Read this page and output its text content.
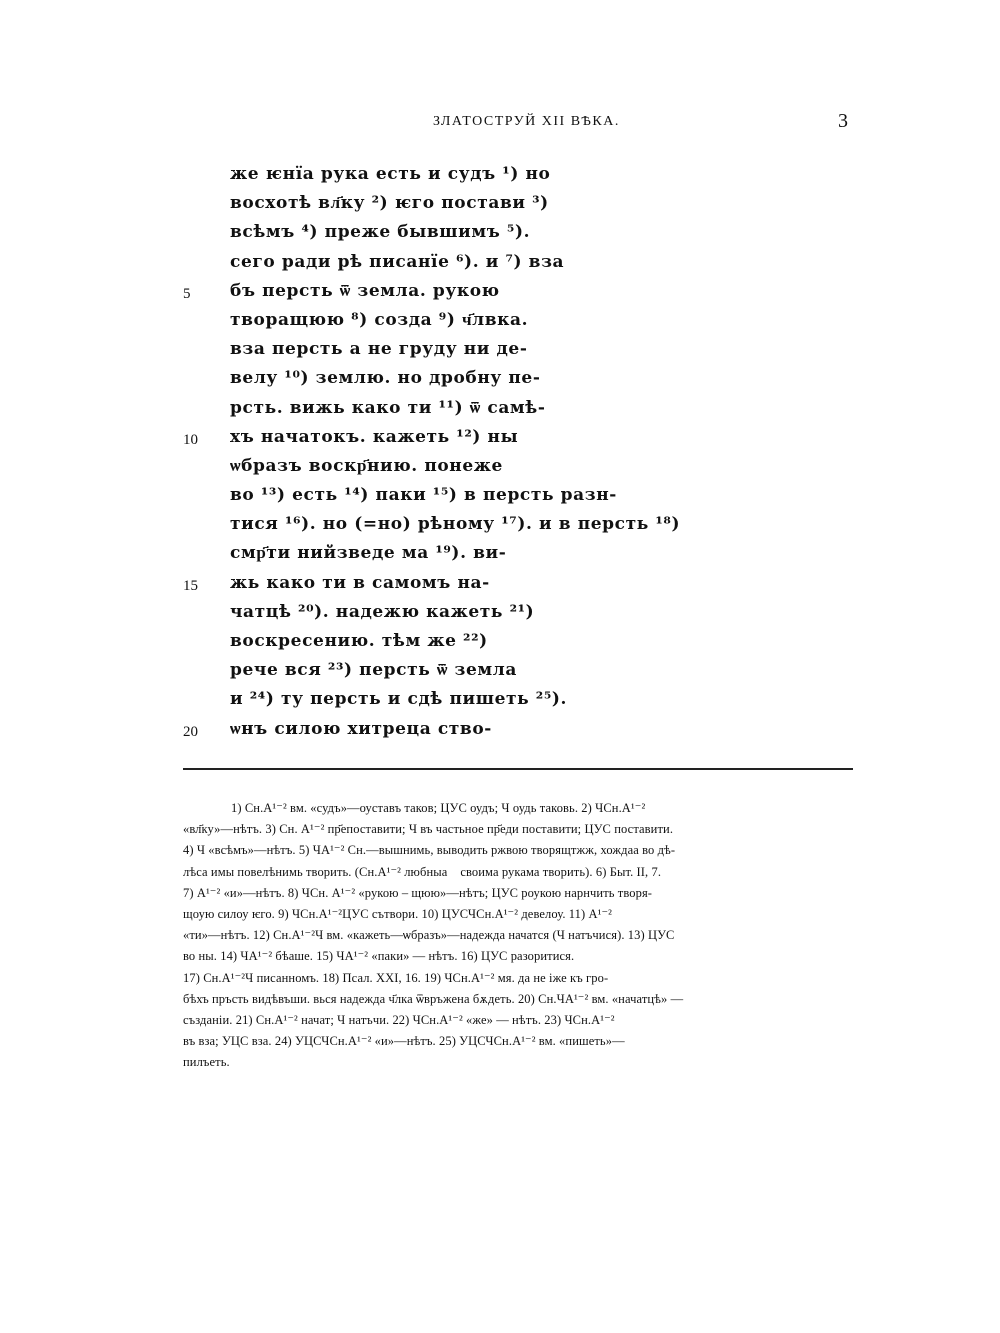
ЗЛАТОСТРУЙ XII ВѢКА.	3
же ѥнїа рука есть и судъ ¹) но
восхотѣ вл҃ку ²) ѥго постави ³)
всѣмъ ⁴) преже бывшимъ ⁵).
сего ради рѣ писанїе ⁶). и ⁷) вза
5	бъ персть ѿ земла. рукою
творащюю ⁸) созда ⁹) ч҃лвка.
вза персть а не груду ни де-
велу ¹⁰) землю. но дробну пе-
рсть. вижь како ти ¹¹) ѿ самѣ-
10	хъ начатокъ. кажеть ¹²) ны
ѡбразъ воскр҃нию. понеже
во ¹³) есть ¹⁴) паки ¹⁵) в персть разн-
тися ¹⁶). но (=но) рѣному ¹⁷). и в персть ¹⁸)
смр҃ти нийзведе ма ¹⁹). ви-
15	жь како ти в самомъ на-
чатцѣ ²⁰). надежю кажеть ²¹)
воскресению. тѣм же ²²)
рече вся ²³) персть ѿ земла
и ²⁴) ту персть и сдѣ пишеть ²⁵).
20	ѡнъ силою хитреца ство-
1) Сн.А¹⁻² вм. «судъ»—оуставъ таков; ЦУС оудъ; Ч оудь таковь. 2) ЧСн.А¹⁻²
«вл҃ку»—нѣтъ. 3) Сн. А¹⁻² пр҃епоставити; Ч въ частьное пр҃еди поставити; ЦУС поставити.
4) Ч «всѣмъ»—нѣтъ. 5) ЧА¹⁻² Сн.—вышнимь, выводить ржвою творящтжж, хождаа во дѣ-
лѣса имы повелѣнимь творить. (Сн.А¹⁻² любныаⷩ своима рукама творить). 6) Быт. II, 7.
7) А¹⁻² «и»—нѣтъ. 8) ЧСн. А¹⁻² «рукою – щюю»—нѣтъ; ЦУС роукою нарнчить творя-
щоую силоу ѥго. 9) ЧСн.А¹⁻²ЦУС сътвори. 10) ЦУСЧСн.А¹⁻² девелоу. 11) А¹⁻²
«ти»—нѣтъ. 12) Сн.А¹⁻²Ч вм. «кажеть—ѡбразъ»—надежда начатся (Ч натъчися). 13) ЦУС
во ны. 14) ЧА¹⁻² бѣаше. 15) ЧА¹⁻² «паки» — нѣтъ. 16) ЦУС разоритися.
17) Сн.А¹⁻²Ч писанномъ. 18) Псал. XXI, 16. 19) ЧСн.А¹⁻² мя. да не іже къ гро-
бѣхъ пръсть видѣвъши. вься надеждa ч҃лка ѿвръжена бѫдеть. 20) Сн.ЧА¹⁻² вм. «начатцѣ» —
създанiи. 21) Сн.А¹⁻² начат; Ч натъчи. 22) ЧСн.А¹⁻² «же» — нѣтъ. 23) ЧСн.А¹⁻²
въ вза; УЦС вза. 24) УЦСЧСн.А¹⁻² «и»—нѣтъ. 25) УЦСЧСн.А¹⁻² вм. «пишеть»—
пилъеть.
